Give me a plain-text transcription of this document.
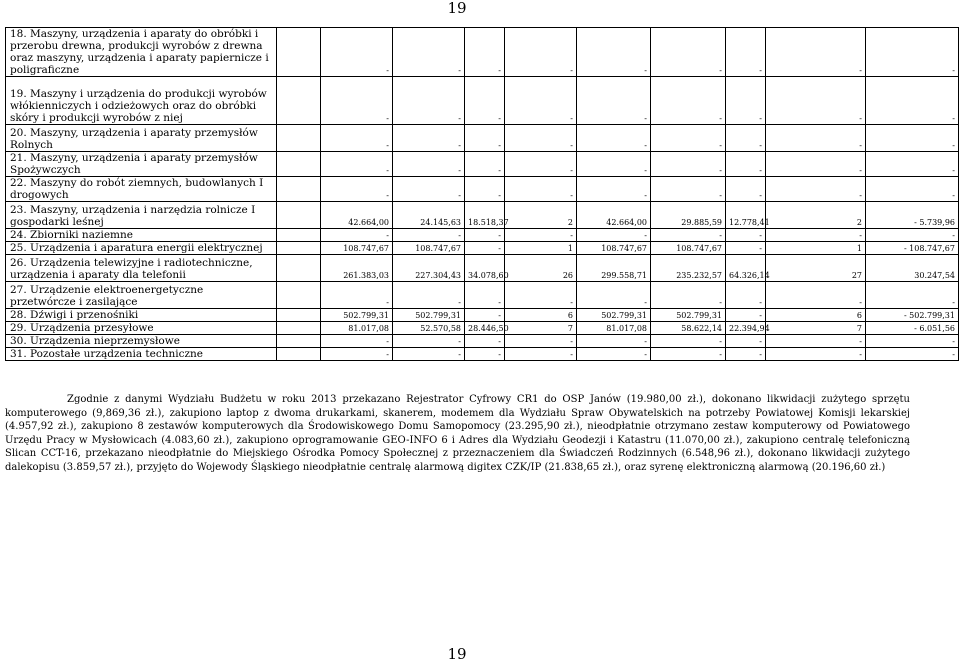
19
18. Maszyny, urządzenia i aparaty do obróbki i przerobu drewna, produkcji wyrobów z drewna oraz maszyny, urządzenia i aparaty papiernicze i poligraficzne		-	-	-	-	-	-	-	-	-	
19. Maszyny i urządzenia do produkcji wyrobów włókienniczych i odzieżowych oraz do obróbki skóry i produkcji wyrobów z niej		-	-	-	-	-	-	-	-	-	
20. Maszyny, urządzenia i aparaty przemysłów Rolnych		-	-	-	-	-	-	-	-	-	
21. Maszyny, urządzenia i aparaty przemysłów Spożywczych		-	-	-	-	-	-	-	-	-	
22. Maszyny do robót ziemnych, budowlanych I drogowych		-	-	-	-	-	-	-	-	-	
23. Maszyny, urządzenia i narzędzia rolnicze I gospodarki leśnej		42.664,00	24.145,63	18.518,37	2	42.664,00	29.885,59	12.778,41	2	- 5.739,96	
24. Zbiorniki naziemne		-	-	-	-	-	-	-	-	-	
25. Urządzenia i aparatura energii elektrycznej		108.747,67	108.747,67	-	1	108.747,67	108.747,67	-	1	- 108.747,67	
26. Urządzenia telewizyjne i radiotechniczne, urządzenia i aparaty dla telefonii		261.383,03	227.304,43	34.078,60	26	299.558,71	235.232,57	64.326,14	27	30.247,54	
27. Urządzenie elektroenergetyczne przetwórcze i zasilające		-	-	-	-	-	-	-	-	-	
28. Dźwigi i przenośniki		502.799,31	502.799,31	-	6	502.799,31	502.799,31	-	6	- 502.799,31	
29. Urządzenia przesyłowe		81.017,08	52.570,58	28.446,50	7	81.017,08	58.622,14	22.394,94	7	- 6.051,56	
30. Urządzenia nieprzemysłowe		-	-	-	-	-	-	-	-	-	
31. Pozostałe urządzenia techniczne		-	-	-	-	-	-	-	-	-	
Zgodnie z danymi Wydziału Budżetu w roku 2013 przekazano Rejestrator Cyfrowy CR1 do OSP Janów (19.980,00 zł.), dokonano likwidacji zużytego sprzętu komputerowego (9,869,36 zł.), zakupiono laptop z dwoma drukarkami, skanerem, modemem dla Wydziału Spraw Obywatelskich na potrzeby Powiatowej Komisji lekarskiej (4.957,92 zł.), zakupiono 8 zestawów komputerowych dla Środowiskowego Domu Samopomocy (23.295,90 zł.), nieodpłatnie otrzymano zestaw komputerowy od Powiatowego Urzędu Pracy w Mysłowicach (4.083,60 zł.), zakupiono oprogramowanie GEO-INFO 6 i Adres dla Wydziału Geodezji i Katastru (11.070,00 zł.), zakupiono centralę telefoniczną Slican CCT-16, przekazano nieodpłatnie do Miejskiego Ośrodka Pomocy Społecznej z przeznaczeniem dla Świadczeń Rodzinnych (6.548,96 zł.), dokonano likwidacji zużytego dalekopisu (3.859,57 zł.), przyjęto do Wojewody Śląskiego nieodpłatnie centralę alarmową digitex CZK/IP (21.838,65 zł.), oraz syrenę elektroniczną alarmową (20.196,60 zł.)
19
